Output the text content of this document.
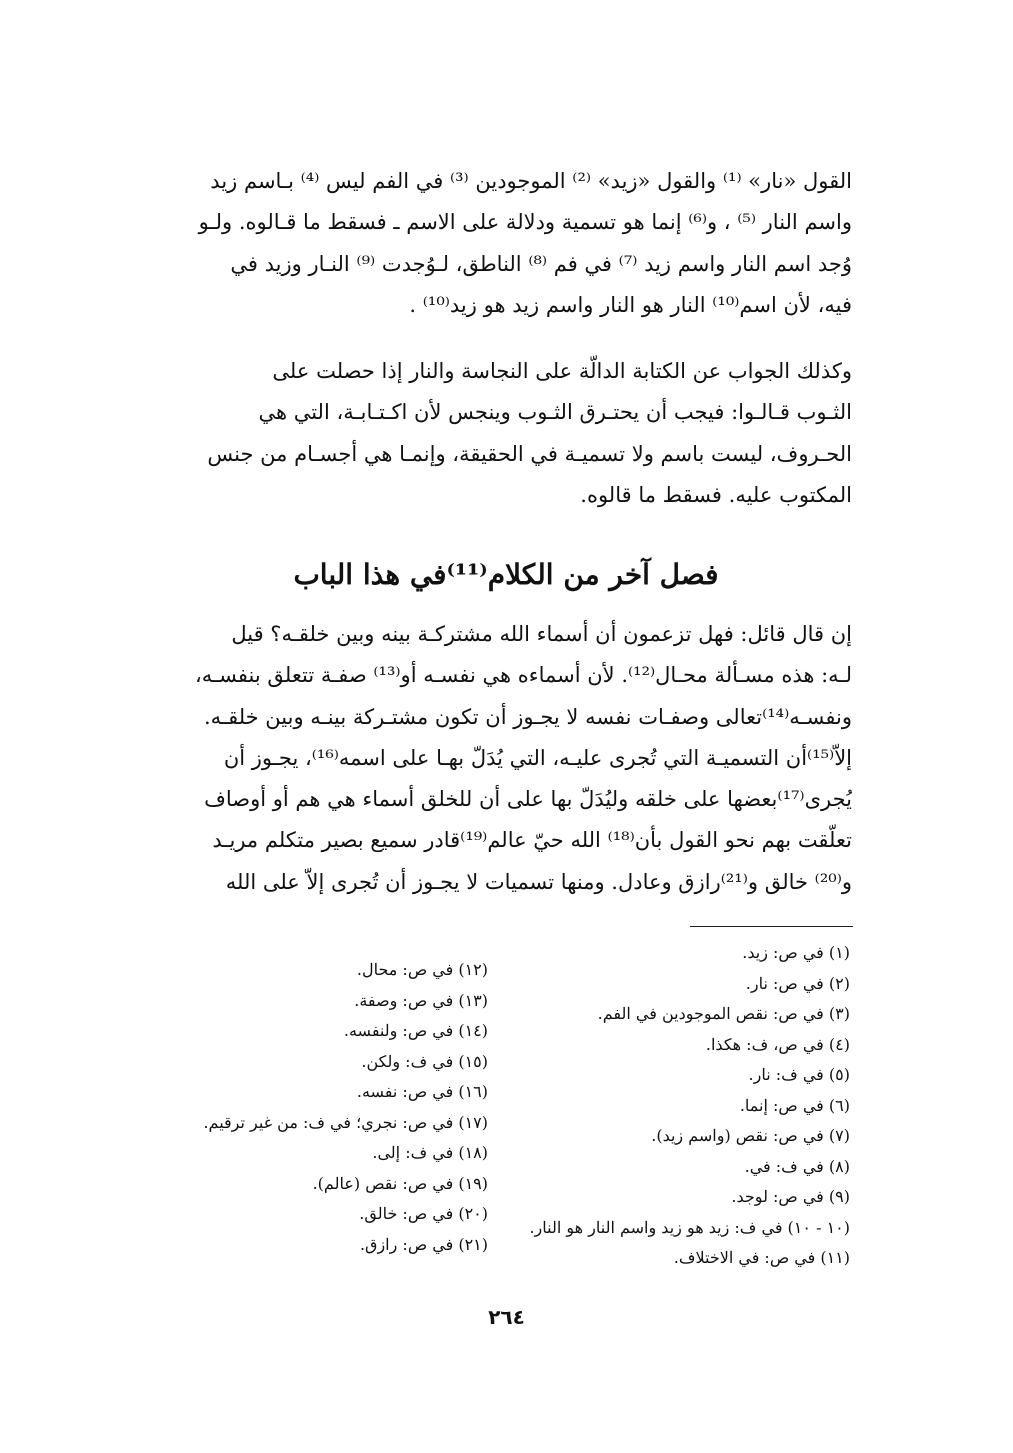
القول «نار» ⁽¹⁾ والقول «زيد» ⁽²⁾ الموجودين ⁽³⁾ في الفم ليس ⁽⁴⁾ بـاسم زيد
واسم النار ⁽⁵⁾ ، و⁽⁶⁾ إنما هو تسمية ودلالة على الاسم ـ فسقط ما قـالوه. ولـو
وُجد اسم النار واسم زيد ⁽⁷⁾ في فم ⁽⁸⁾ الناطق، لـوُجدت ⁽⁹⁾ النـار وزيد في
فيه، لأن اسم⁽¹⁰⁾ النار هو النار واسم زيد هو زيد⁽¹⁰⁾ .
وكذلك الجواب عن الكتابة الدالّة على النجاسة والنار إذا حصلت على
الثـوب قـالـوا: فيجب أن يحتـرق الثـوب وينجس لأن اكـتـابـة، التي هي
الحـروف، ليست باسم ولا تسميـة في الحقيقة، وإنمـا هي أجسـام من جنس
المكتوب عليه. فسقط ما قالوه.
فصل آخر من الكلام⁽¹¹⁾في هذا الباب
إن قال قائل: فهل تزعمون أن أسماء الله مشتركـة بينه وبين خلقـه؟ قيل
لـه: هذه مسـألة محـال⁽¹²⁾. لأن أسماءه هي نفسـه أو⁽¹³⁾ صفـة تتعلق بنفسـه،
ونفسـه⁽¹⁴⁾تعالى وصفـات نفسه لا يجـوز أن تكون مشتـركة بينـه وبين خلقـه.
إلاّ⁽¹⁵⁾أن التسميـة التي تُجرى عليـه، التي يُدَلّ بهـا على اسمه⁽¹⁶⁾، يجـوز أن
يُجرى⁽¹⁷⁾بعضها على خلقه وليُدَلّ بها على أن للخلق أسماء هي هم أو أوصاف
تعلّقت بهم نحو القول بأن⁽¹⁸⁾ الله حيّ عالم⁽¹⁹⁾قادر سميع بصير متكلم مريـد
و⁽²⁰⁾ خالق و⁽²¹⁾رازق وعادل. ومنها تسميات لا يجـوز أن تُجرى إلاّ على الله
(١) في ص: زيد.
(٢) في ص: نار.
(٣) في ص: نقص الموجودين في الفم.
(٤) في ص، ف: هكذا.
(٥) في ف: نار.
(٦) في ص: إنما.
(٧) في ص: نقص (واسم زيد).
(٨) في ف: في.
(٩) في ص: لوجد.
(١٠ - ١٠) في ف: زيد هو زيد واسم النار هو النار.
(١١) في ص: في الاختلاف.
(١٢) في ص: محال.
(١٣) في ص: وصفة.
(١٤) في ص: ولنفسه.
(١٥) في ف: ولكن.
(١٦) في ص: نفسه.
(١٧) في ص: نجري؛ في ف: من غير ترقيم.
(١٨) في ف: إلى.
(١٩) في ص: نقص (عالم).
(٢٠) في ص: خالق.
(٢١) في ص: رازق.
٢٦٤
